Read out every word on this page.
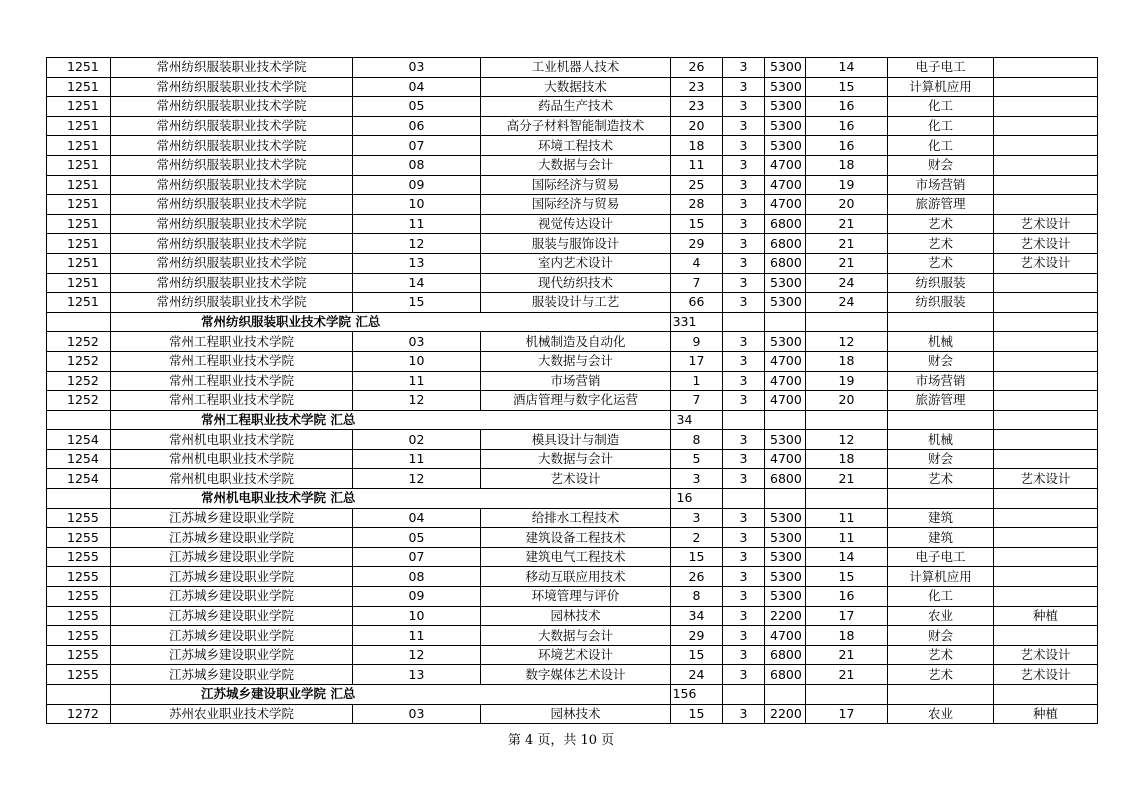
1251	常州纺织服装职业技术学院	03	工业机器人技术	26	3	5300	14	电子电工	
1251	常州纺织服装职业技术学院	04	大数据技术	23	3	5300	15	计算机应用	
1251	常州纺织服装职业技术学院	05	药品生产技术	23	3	5300	16	化工	
1251	常州纺织服装职业技术学院	06	高分子材料智能制造技术	20	3	5300	16	化工	
1251	常州纺织服装职业技术学院	07	环境工程技术	18	3	5300	16	化工	
1251	常州纺织服装职业技术学院	08	大数据与会计	11	3	4700	18	财会	
1251	常州纺织服装职业技术学院	09	国际经济与贸易	25	3	4700	19	市场营销	
1251	常州纺织服装职业技术学院	10	国际经济与贸易	28	3	4700	20	旅游管理	
1251	常州纺织服装职业技术学院	11	视觉传达设计	15	3	6800	21	艺术	艺术设计
1251	常州纺织服装职业技术学院	12	服装与服饰设计	29	3	6800	21	艺术	艺术设计
1251	常州纺织服装职业技术学院	13	室内艺术设计	4	3	6800	21	艺术	艺术设计
1251	常州纺织服装职业技术学院	14	现代纺织技术	7	3	5300	24	纺织服装	
1251	常州纺织服装职业技术学院	15	服装设计与工艺	66	3	5300	24	纺织服装	
	常州纺织服装职业技术学院 汇总			331					
1252	常州工程职业技术学院	03	机械制造及自动化	9	3	5300	12	机械	
1252	常州工程职业技术学院	10	大数据与会计	17	3	4700	18	财会	
1252	常州工程职业技术学院	11	市场营销	1	3	4700	19	市场营销	
1252	常州工程职业技术学院	12	酒店管理与数字化运营	7	3	4700	20	旅游管理	
	常州工程职业技术学院 汇总			34					
1254	常州机电职业技术学院	02	模具设计与制造	8	3	5300	12	机械	
1254	常州机电职业技术学院	11	大数据与会计	5	3	4700	18	财会	
1254	常州机电职业技术学院	12	艺术设计	3	3	6800	21	艺术	艺术设计
	常州机电职业技术学院 汇总			16					
1255	江苏城乡建设职业学院	04	给排水工程技术	3	3	5300	11	建筑	
1255	江苏城乡建设职业学院	05	建筑设备工程技术	2	3	5300	11	建筑	
1255	江苏城乡建设职业学院	07	建筑电气工程技术	15	3	5300	14	电子电工	
1255	江苏城乡建设职业学院	08	移动互联应用技术	26	3	5300	15	计算机应用	
1255	江苏城乡建设职业学院	09	环境管理与评价	8	3	5300	16	化工	
1255	江苏城乡建设职业学院	10	园林技术	34	3	2200	17	农业	种植
1255	江苏城乡建设职业学院	11	大数据与会计	29	3	4700	18	财会	
1255	江苏城乡建设职业学院	12	环境艺术设计	15	3	6800	21	艺术	艺术设计
1255	江苏城乡建设职业学院	13	数字媒体艺术设计	24	3	6800	21	艺术	艺术设计
	江苏城乡建设职业学院 汇总			156					
1272	苏州农业职业技术学院	03	园林技术	15	3	2200	17	农业	种植
第 4 页，共 10 页
